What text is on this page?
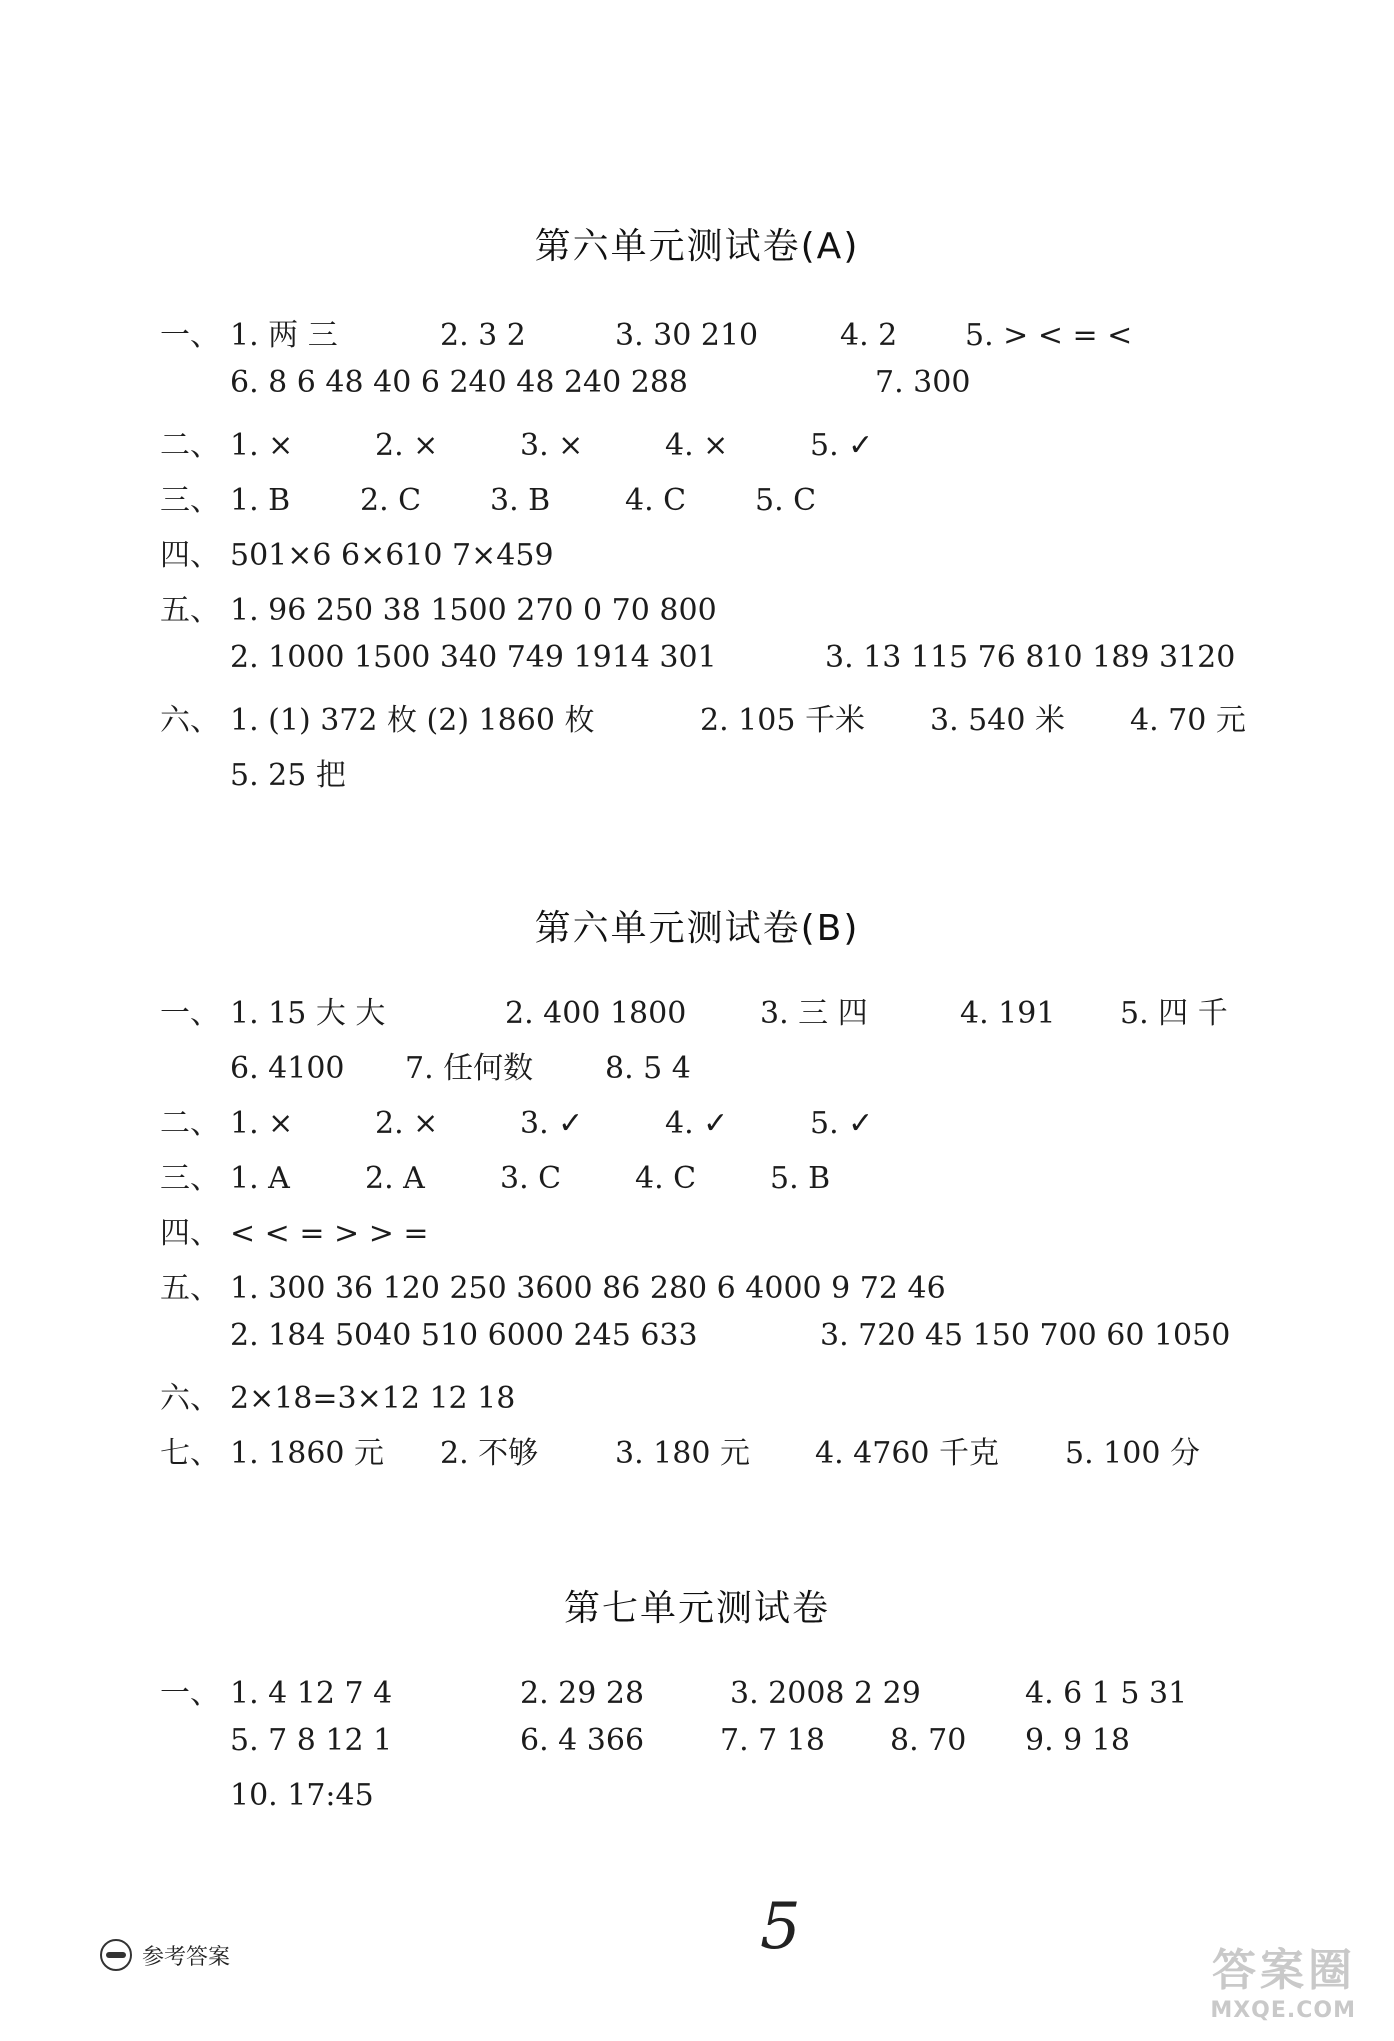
第六单元测试卷(A)
一、 1. 两 三	2. 3 2	3. 30 210	4. 2 5. > < = <
6. 8 6 48 40 6 240 48 240 288	7. 300
二、 1. ×	2. ×	3. ×	4. ×	5. ✓
三、 1. B 2. C 3. B 4. C 5. C
四、 501×6 6×610 7×459
五、 1. 96 250 38 1500 270 0 70 800
2. 1000 1500 340 749 1914 301	3. 13 115 76 810 189 3120
六、 1. (1) 372 枚 (2) 1860 枚	2. 105 千米 3. 540 米 4. 70 元
5. 25 把
第六单元测试卷(B)
一、 1. 15 大 大	2. 400 1800 3. 三 四	4. 191 5. 四 千
6. 4100 7. 任何数 8. 5 4
二、 1. ×	2. ×	3. ✓	4. ✓	5. ✓
三、 1. A	2. A	3. C 4. C 5. B
四、 < < = > > =
五、 1. 300 36 120 250 3600 86 280 6 4000 9 72 46
2. 184 5040 510 6000 245 633	3. 720 45 150 700 60 1050
六、 2×18=3×12 12 18
七、 1. 1860 元 2. 不够	3. 180 元 4. 4760 千克 5. 100 分
第七单元测试卷
一、 1. 4 12 7 4	2. 29 28	3. 2008 2 29	4. 6 1 5 31
5. 7 8 12 1	6. 4 366	7. 7 18 8. 70 9. 9 18
10. 17:45
参考答案	5
答案圈
MXQE.COM
